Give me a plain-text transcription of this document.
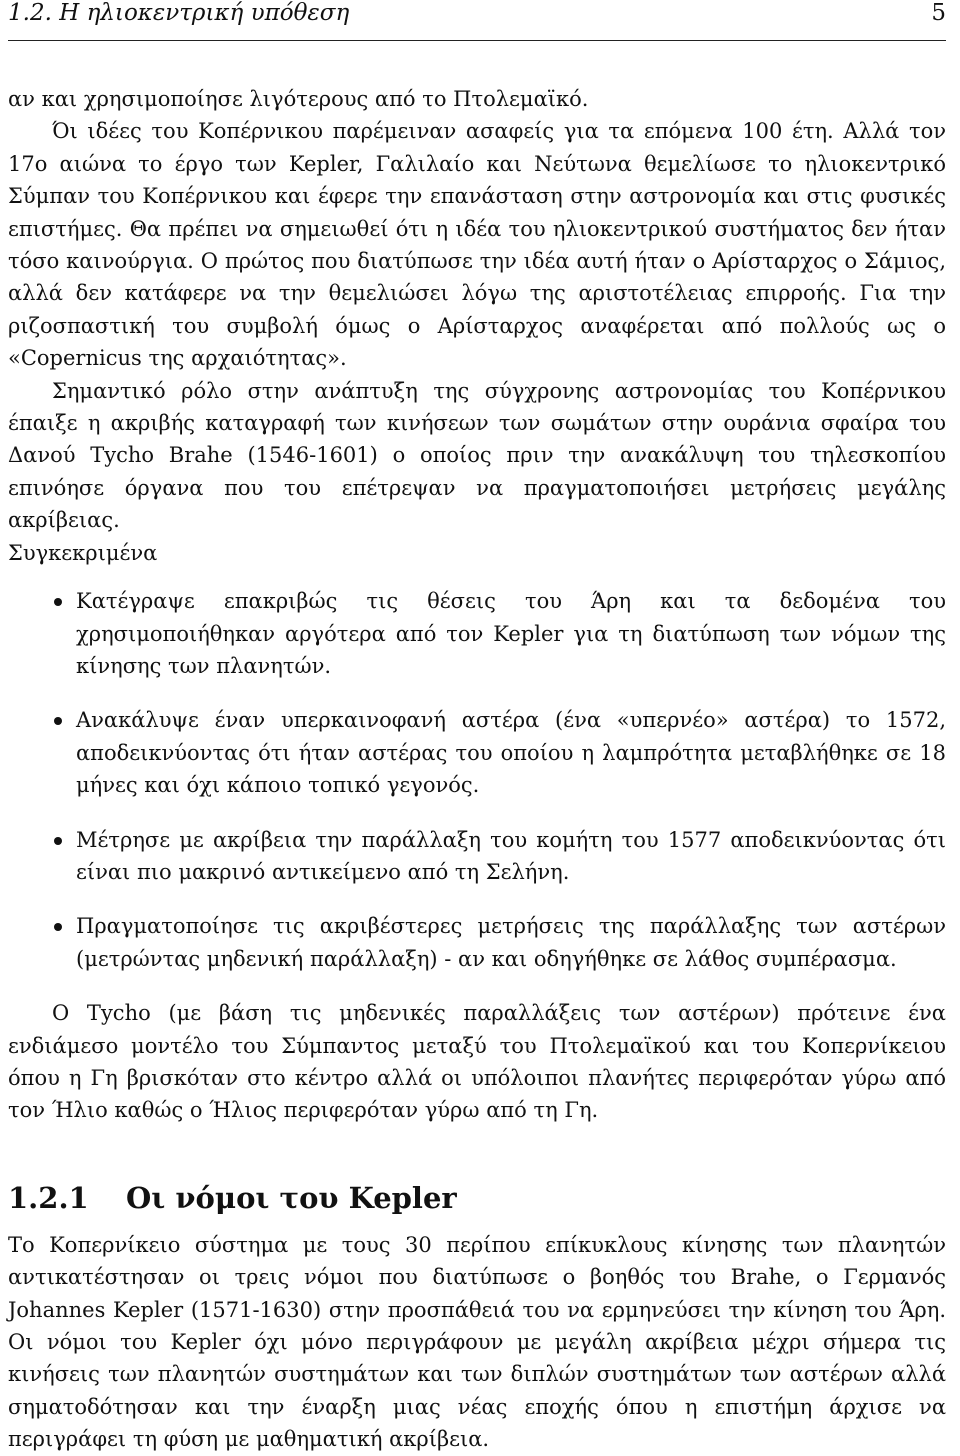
1.2. Η ηλιοκεντρική υπόθεση	5

αν και χρησιμοποίησε λιγότερους από το Πτολεμαϊκό.

Όι ιδέες του Κοπέρνικου παρέμειναν ασαφείς για τα επόμενα 100 έτη. Αλλά τον 17ο αιώνα το έργο των Kepler, Γαλιλαίο και Νεύτωνα θεμελίωσε το ηλιοκεντρικό Σύμπαν του Κοπέρνικου και έφερε την επανάσταση στην αστρονομία και στις φυσικές επιστήμες. Θα πρέπει να σημειωθεί ότι η ιδέα του ηλιοκεντρικού συστήματος δεν ήταν τόσο καινούργια. Ο πρώτος που διατύπωσε την ιδέα αυτή ήταν ο Αρίσταρχος ο Σάμιος, αλλά δεν κατάφερε να την θεμελιώσει λόγω της αριστοτέλειας επιρροής. Για την ριζοσπαστική του συμβολή όμως ο Αρίσταρχος αναφέρεται από πολλούς ως ο «Copernicus της αρχαιότητας».

Σημαντικό ρόλο στην ανάπτυξη της σύγχρονης αστρονομίας του Κοπέρνικου έπαιξε η ακριβής καταγραφή των κινήσεων των σωμάτων στην ουράνια σφαίρα του Δανού Tycho Brahe (1546-1601) ο οποίος πριν την ανακάλυψη του τηλεσκοπίου επινόησε όργανα που του επέτρεψαν να πραγματοποιήσει μετρήσεις μεγάλης ακρίβειας.

Συγκεκριμένα

Κατέγραψε επακριβώς τις θέσεις του Άρη και τα δεδομένα του χρησιμοποιήθηκαν αργότερα από τον Kepler για τη διατύπωση των νόμων της κίνησης των πλανητών.
Ανακάλυψε έναν υπερκαινοφανή αστέρα (ένα «υπερνέο» αστέρα) το 1572, αποδεικνύοντας ότι ήταν αστέρας του οποίου η λαμπρότητα μεταβλήθηκε σε 18 μήνες και όχι κάποιο τοπικό γεγονός.
Μέτρησε με ακρίβεια την παράλλαξη του κομήτη του 1577 αποδεικνύοντας ότι είναι πιο μακρινό αντικείμενο από τη Σελήνη.
Πραγματοποίησε τις ακριβέστερες μετρήσεις της παράλλαξης των αστέρων (μετρώντας μηδενική παράλλαξη) - αν και οδηγήθηκε σε λάθος συμπέρασμα.

Ο Tycho (με βάση τις μηδενικές παραλλάξεις των αστέρων) πρότεινε ένα ενδιάμεσο μοντέλο του Σύμπαντος μεταξύ του Πτολεμαϊκού και του Κοπερνίκειου όπου η Γη βρισκόταν στο κέντρο αλλά οι υπόλοιποι πλανήτες περιφερόταν γύρω από τον Ήλιο καθώς ο Ήλιος περιφερόταν γύρω από τη Γη.

1.2.1 Οι νόμοι του Kepler

Το Κοπερνίκειο σύστημα με τους 30 περίπου επίκυκλους κίνησης των πλανητών αντικατέστησαν οι τρεις νόμοι που διατύπωσε ο βοηθός του Brahe, ο Γερμανός Johannes Kepler (1571-1630) στην προσπάθειά του να ερμηνεύσει την κίνηση του Άρη. Οι νόμοι του Kepler όχι μόνο περιγράφουν με μεγάλη ακρίβεια μέχρι σήμερα τις κινήσεις των πλανητών συστημάτων και των διπλών συστημάτων των αστέρων αλλά σηματοδότησαν και την έναρξη μιας νέας εποχής όπου η επιστήμη άρχισε να περιγράφει τη φύση με μαθηματική ακρίβεια.
